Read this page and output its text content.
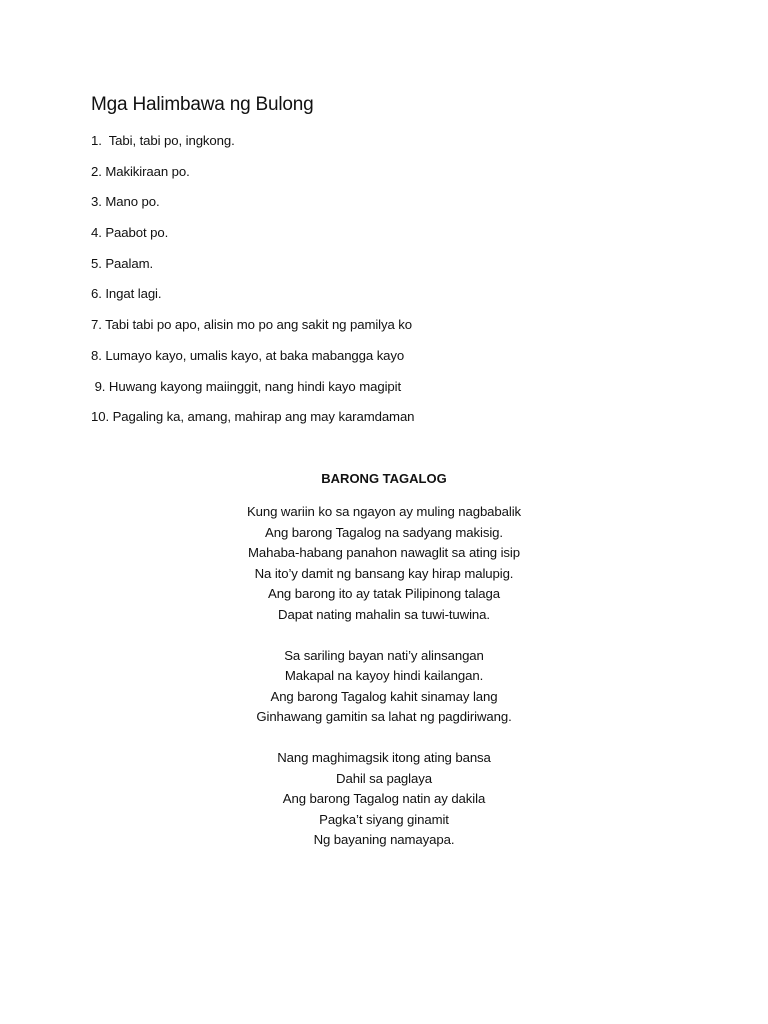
Mga Halimbawa ng Bulong
1.  Tabi, tabi po, ingkong.
2. Makikiraan po.
3. Mano po.
4. Paabot po.
5. Paalam.
6. Ingat lagi.
7. Tabi tabi po apo, alisin mo po ang sakit ng pamilya ko
8. Lumayo kayo, umalis kayo, at baka mabangga kayo
9. Huwang kayong maiinggit, nang hindi kayo magipit
10. Pagaling ka, amang, mahirap ang may karamdaman
BARONG TAGALOG
Kung wariin ko sa ngayon ay muling nagbabalik
Ang barong Tagalog na sadyang makisig.
Mahaba-habang panahon nawaglit sa ating isip
Na ito’y damit ng bansang kay hirap malupig.
Ang barong ito ay tatak Pilipinong talaga
Dapat nating mahalin sa tuwi-tuwina.
Sa sariling bayan nati’y alinsangan
Makapal na kayoy hindi kailangan.
Ang barong Tagalog kahit sinamay lang
Ginhawang gamitin sa lahat ng pagdiriwang.
Nang maghimagsik itong ating bansa
Dahil sa paglaya
Ang barong Tagalog natin ay dakila
Pagka’t siyang ginamit
Ng bayaning namayapa.
